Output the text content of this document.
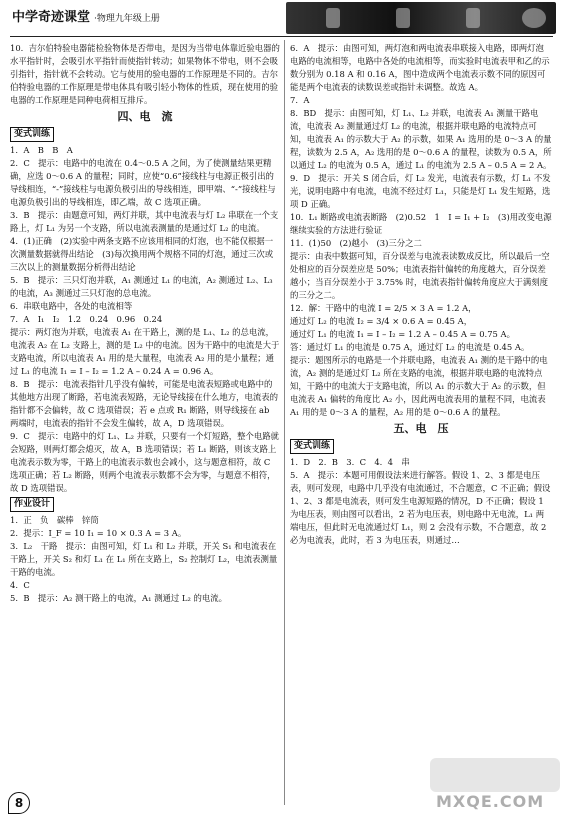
中学奇迹课堂 ·物理九年级上册

10.  吉尔伯特验电器能检验物体是否带电，是因为当带电体靠近验电器的水平指针时，会吸引水平指针而使指针转动；如果物体不带电，则不会吸引指针，指针就不会转动。它与使用的验电器的工作原理是不同的。吉尔伯特验电器的工作原理是带电体具有吸引轻小物体的性质，现在使用的验电器的工作原理是同种电荷相互排斥。

四、电　流
变式训练

1.  A　B　B　A

2.  C　提示：电路中的电流在 0.4～0.5 A 之间，为了使测量结果更精确，应选 0～0.6 A 的量程；同时，应使“0.6”接线柱与电源正极引出的导线相连，“-”接线柱与电源负极引出的导线相连，即甲端、“-”接线柱与电源负极引出的导线相连，即乙端，故 C 选项正确。

3.  B　提示：由题意可知，两灯并联，其中电流表与灯 L₂ 串联在一个支路上，灯 L₁ 为另一个支路，所以电流表测量的是通过灯 L₂ 的电流。

4.  (1)正确　(2)实验中两条支路不应该用相同的灯泡，也不能仅根据一次测量数据就得出结论　(3)每次换用两个规格不同的灯泡，通过三次或三次以上的测量数据分析得出结论

5.  B　提示：三只灯泡并联，A₁ 测通过 L₁ 的电流，A₂ 测通过 L₂、L₃ 的电流，A₃ 测通过三只灯泡的总电流。

6.  串联电路中，各处的电流相等

7.  A　I₁　I₂　1.2　0.24　0.96　0.24
提示：两灯泡为并联，电流表 A₁ 在干路上，测的是 L₁、L₂ 的总电流，电流表 A₂ 在 L₂ 支路上，测的是 L₂ 中的电流。因为干路中的电流是大于支路电流，所以电流表 A₁ 用的是大量程，电流表 A₂ 用的是小量程；通过 L₁ 的电流 I₁ = I – I₂ = 1.2 A – 0.24 A = 0.96 A。

8.  B　提示：电流表指针几乎没有偏转，可能是电流表短路或电路中的其他地方出现了断路，若电流表短路，无论导线接在什么地方，电流表的指针都不会偏转，故 C 选项错误；若 e 点或 R₁ 断路，则导线接在 ab 两端时，电流表的指针不会发生偏转，故 A，D 选项错误。

9.  C　提示：电路中的灯 L₁、L₂ 并联，只要有一个灯短路，整个电路就会短路，则两灯都会熄灭，故 A，B 选项错误；若 L₁ 断路，则该支路上电流表示数为零，干路上的电流表示数也会减小，这与题意相符，故 C 选项正确；若 L₂ 断路，则两个电流表示数都不会为零，与题意不相符，故 D 选项错误。

作业设计

1.  正　负　碳棒　锌筒

2.  提示：I_F = 10 I₁ = 10 × 0.3 A = 3 A。

3.  L₂　干路　提示：由图可知，灯 L₁ 和 L₂ 并联，开关 S₁ 和电流表在干路上，开关 S₂ 和灯 L₁ 在 L₁ 所在支路上，S₂ 控制灯 L₂，电流表测量干路的电流。

4.  C

5.  B　提示：A₂ 测干路上的电流，A₁ 测通过 L₂ 的电流。

6.  A　提示：由图可知，两灯泡和两电流表串联接入电路，即两灯泡电路的电流相等，电路中各处的电流相等，而实验时电流表甲和乙的示数分别为 0.18 A 和 0.16 A，图中造成两个电流表示数不同的原因可能是两个电流表的读数误差或指针未调整。故选 A。

7.  A

8.  BD　提示：由图可知，灯 L₁、L₂ 并联，电流表 A₁ 测量干路电流，电流表 A₂ 测量通过灯 L₂ 的电流，根据并联电路的电流特点可知，电流表 A₁ 的示数大于 A₂ 的示数，如果 A₁ 选用的是 0～3 A 的量程，读数为 2.5 A，A₂ 选用的是 0～0.6 A 的量程，读数为 0.5 A，所以通过 L₂ 的电流为 0.5 A，通过 L₁ 的电流为 2.5 A – 0.5 A = 2 A。

9.  D　提示：开关 S 闭合后，灯 L₂ 发光，电流表有示数，灯 L₁ 不发光，说明电路中有电流，电流不经过灯 L₁，只能是灯 L₁ 发生短路，选项 D 正确。

10.  L₁ 断路或电流表断路　(2)0.52　1　I = I₁ + I₂　(3)用改变电源继续实验的方法进行验证

11.  (1)50　(2)越小　(3)三分之二
提示：由表中数据可知，百分误差与电流表读数成反比，所以最后一空处相应的百分误差应是 50%；电流表指针偏转的角度越大，百分误差越小；当百分误差小于 3.75% 时，电流表指针偏转角度应大于满刻度的三分之二。

12.  解：干路中的电流 I = 2/5 × 3 A = 1.2 A，
通过灯 L₂ 的电流 I₂ = 3/4 × 0.6 A = 0.45 A，
通过灯 L₁ 的电流 I₁ = I – I₂ = 1.2 A – 0.45 A = 0.75 A。
答：通过灯 L₁ 的电流是 0.75 A，通过灯 L₂ 的电流是 0.45 A。
提示：题图所示的电路是一个并联电路，电流表 A₁ 测的是干路中的电流，A₂ 测的是通过灯 L₂ 所在支路的电流，根据并联电路的电流特点知，干路中的电流大于支路电流，所以 A₁ 的示数大于 A₂ 的示数，但电流表 A₁ 偏转的角度比 A₂ 小，因此两电流表用的量程不同，电流表 A₁ 用的是 0～3 A 的量程，A₂ 用的是 0～0.6 A 的量程。

五、电　压
变式训练

1.  D　2.  B　3.  C　4.  4　串

5.  A　提示：本题可用假设法来进行解答。假设 1、2、3 都是电压表，则可发现，电路中几乎没有电流通过，不合题意，C 不正确；假设 1、2、3 都是电流表，则可发生电源短路的情况，D 不正确；假设 1 为电压表，则由图可以看出，2 若为电压表，则电路中无电流，L₁ 两端电压，但此时无电流通过灯 L₁，则 2 会没有示数，不合题意，故 2 必为电流表，此时，若 3 为电压表，则通过…

8	MXQE.COM
